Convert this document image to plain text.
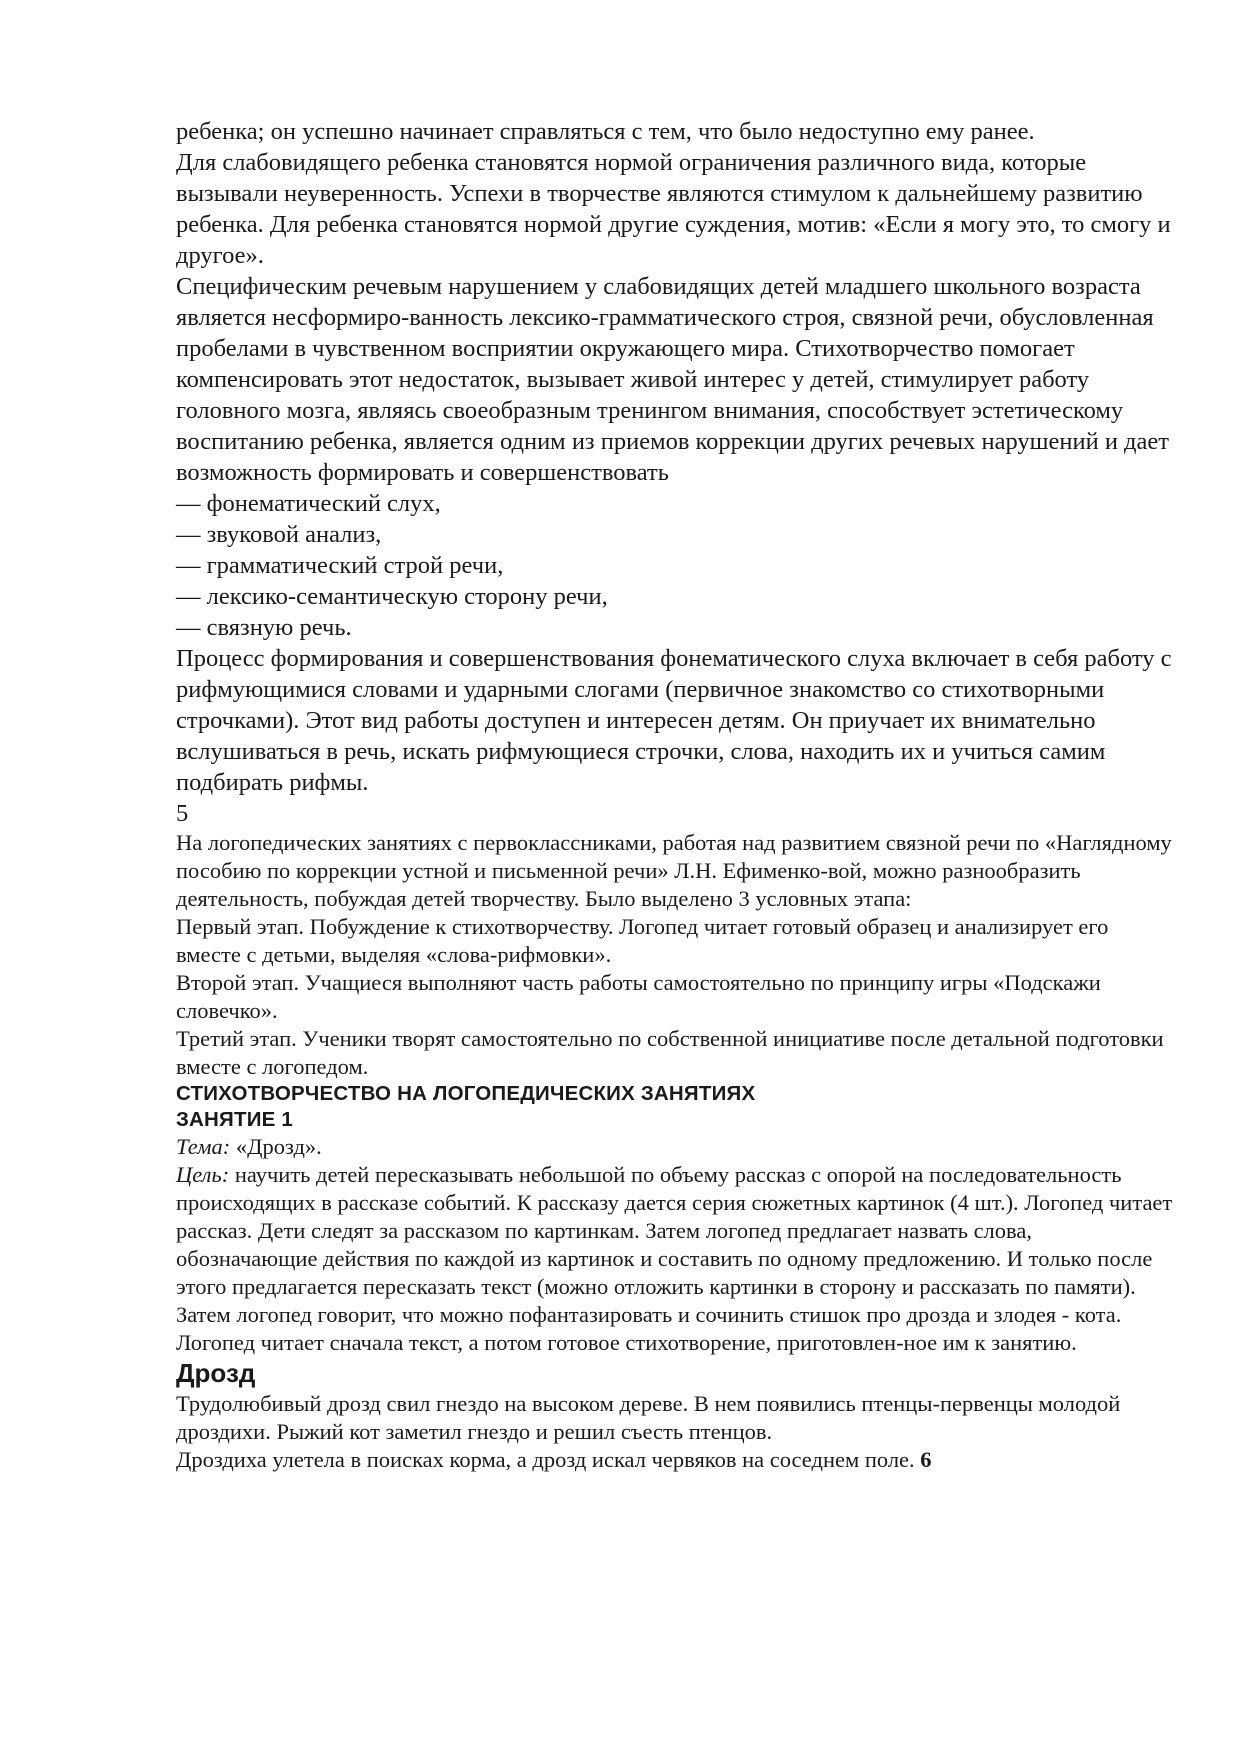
ребенка; он успешно начинает справляться с тем, что было недоступно ему ранее.

Для слабовидящего ребенка становятся нормой ограничения различного вида, которые вызывали неуверенность. Успехи в творчестве являются стимулом к дальнейшему развитию ребенка. Для ребенка становятся нормой другие суждения, мотив: «Если я могу это, то смогу и другое».

Специфическим речевым нарушением у слабовидящих детей младшего школьного возраста является несформиро-ванность лексико-грамматического строя, связной речи, обусловленная пробелами в чувственном восприятии окружающего мира. Стихотворчество помогает компенсировать этот недостаток, вызывает живой интерес у детей, стимулирует работу головного мозга, являясь своеобразным тренингом внимания, способствует эстетическому воспитанию ребенка, является одним из приемов коррекции других речевых нарушений и дает возможность формировать и совершенствовать

— фонематический слух,

— звуковой анализ,

— грамматический строй речи,

— лексико-семантическую сторону речи,

— связную речь.

Процесс формирования и совершенствования фонематического слуха включает в себя работу с рифмующимися словами и ударными слогами (первичное знакомство со стихотворными строчками). Этот вид работы доступен и интересен детям. Он приучает их внимательно вслушиваться в речь, искать рифмующиеся строчки, слова, находить их и учиться самим подбирать рифмы.

5

На логопедических занятиях с первоклассниками, работая над развитием связной речи по «Наглядному пособию по коррекции устной и письменной речи» Л.Н. Ефименко-вой, можно разнообразить деятельность, побуждая детей творчеству. Было выделено 3 условных этапа:

Первый этап. Побуждение к стихотворчеству. Логопед читает готовый образец и анализирует его вместе с детьми, выделяя «слова-рифмовки».

Второй этап. Учащиеся выполняют часть работы самостоятельно по принципу игры «Подскажи словечко».

Третий этап. Ученики творят самостоятельно по собственной инициативе после детальной подготовки вместе с логопедом.

СТИХОТВОРЧЕСТВО НА ЛОГОПЕДИЧЕСКИХ ЗАНЯТИЯХ

ЗАНЯТИЕ 1

Тема: «Дрозд».

Цель: научить детей пересказывать небольшой по объему рассказ с опорой на последовательность происходящих в рассказе событий. К рассказу дается серия сюжетных картинок (4 шт.). Логопед читает рассказ. Дети следят за рассказом по картинкам. Затем логопед предлагает назвать слова, обозначающие действия по каждой из картинок и составить по одному предложению. И только после этого предлагается пересказать текст (можно отложить картинки в сторону и рассказать по памяти).

Затем логопед говорит, что можно пофантазировать и сочинить стишок про дрозда и злодея - кота. Логопед читает сначала текст, а потом готовое стихотворение, приготовлен-ное им к занятию.

Дрозд

Трудолюбивый дрозд свил гнездо на высоком дереве. В нем появились птенцы-первенцы молодой дроздихи. Рыжий кот заметил гнездо и решил съесть птенцов.

Дроздиха улетела в поисках корма, а дрозд искал червяков на соседнем поле. 6
